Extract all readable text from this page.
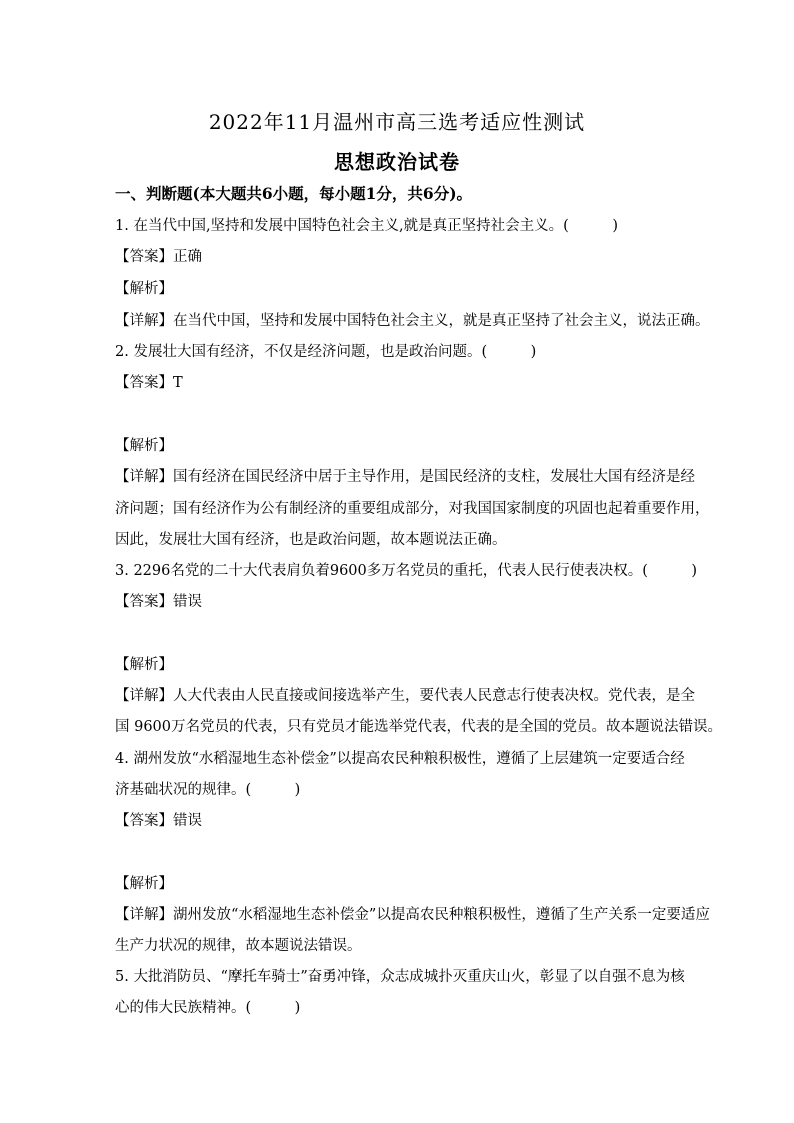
2022年11月温州市高三选考适应性测试
思想政治试卷
一、判断题(本大题共6小题，每小题1分，共6分)。
1. 在当代中国,坚持和发展中国特色社会主义,就是真正坚持社会主义。(　　　)
【答案】正确
【解析】
【详解】在当代中国，坚持和发展中国特色社会主义，就是真正坚持了社会主义，说法正确。
2. 发展壮大国有经济，不仅是经济问题，也是政治问题。(　　　)
【答案】T
【解析】
【详解】国有经济在国民经济中居于主导作用，是国民经济的支柱，发展壮大国有经济是经
济问题；国有经济作为公有制经济的重要组成部分，对我国国家制度的巩固也起着重要作用，
因此，发展壮大国有经济，也是政治问题，故本题说法正确。
3. 2296名党的二十大代表肩负着9600多万名党员的重托，代表人民行使表决权。(　　　)
【答案】错误
【解析】
【详解】人大代表由人民直接或间接选举产生，要代表人民意志行使表决权。党代表，是全
国 9600万名党员的代表，只有党员才能选举党代表，代表的是全国的党员。故本题说法错误。
4. 湖州发放“水稻湿地生态补偿金”以提高农民种粮积极性，遵循了上层建筑一定要适合经
济基础状况的规律。(　　　)
【答案】错误
【解析】
【详解】湖州发放“水稻湿地生态补偿金”以提高农民种粮积极性，遵循了生产关系一定要适应
生产力状况的规律，故本题说法错误。
5. 大批消防员、“摩托车骑士”奋勇冲锋，众志成城扑灭重庆山火，彰显了以自强不息为核
心的伟大民族精神。(　　　)
